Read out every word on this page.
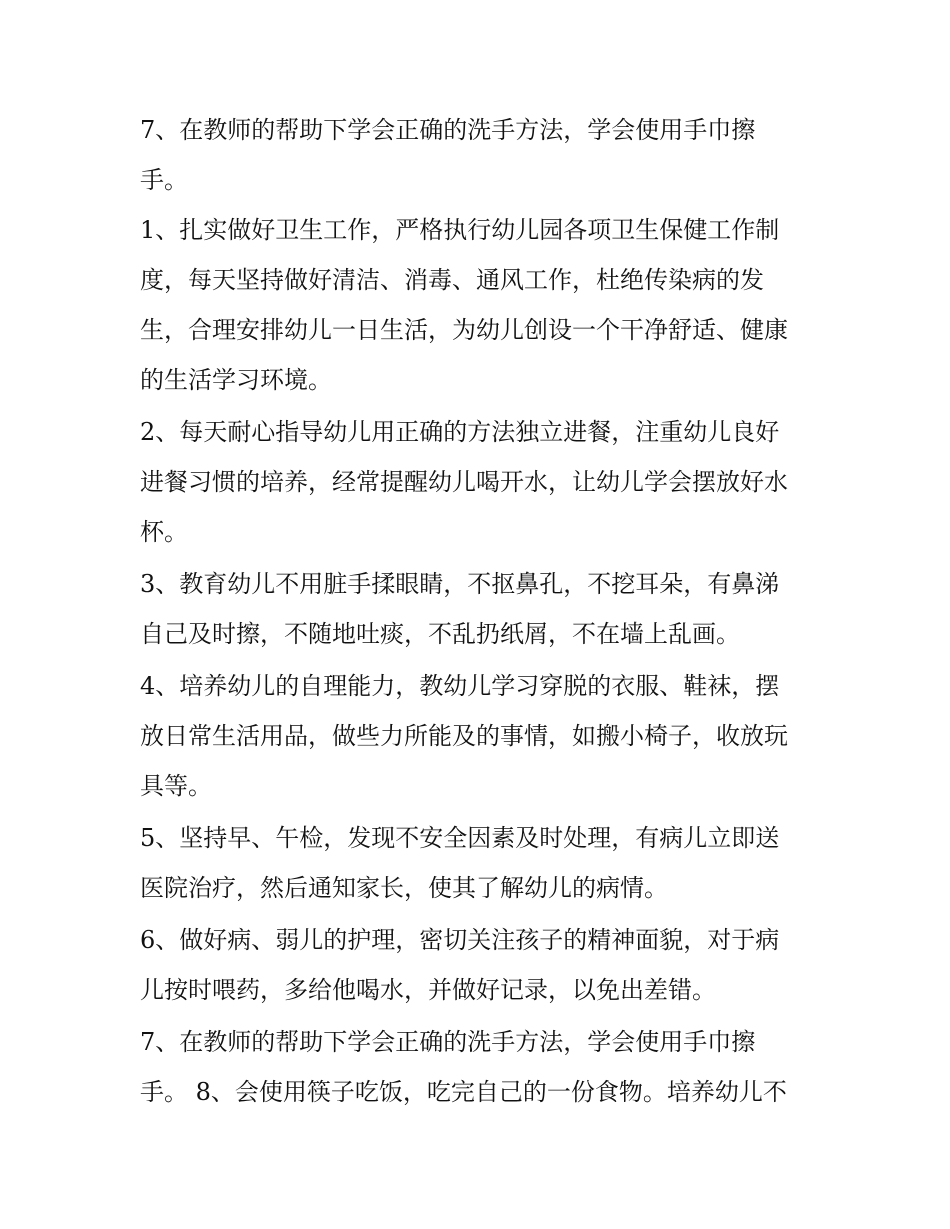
7、在教师的帮助下学会正确的洗手方法，学会使用手巾擦
手。
1、扎实做好卫生工作，严格执行幼儿园各项卫生保健工作制
度，每天坚持做好清洁、消毒、通风工作，杜绝传染病的发
生，合理安排幼儿一日生活，为幼儿创设一个干净舒适、健康
的生活学习环境。
2、每天耐心指导幼儿用正确的方法独立进餐，注重幼儿良好
进餐习惯的培养，经常提醒幼儿喝开水，让幼儿学会摆放好水
杯。
3、教育幼儿不用脏手揉眼睛，不抠鼻孔，不挖耳朵，有鼻涕
自己及时擦，不随地吐痰，不乱扔纸屑，不在墙上乱画。
4、培养幼儿的自理能力，教幼儿学习穿脱的衣服、鞋袜，摆
放日常生活用品，做些力所能及的事情，如搬小椅子，收放玩
具等。
5、坚持早、午检，发现不安全因素及时处理，有病儿立即送
医院治疗，然后通知家长，使其了解幼儿的病情。
6、做好病、弱儿的护理，密切关注孩子的精神面貌，对于病
儿按时喂药，多给他喝水，并做好记录，以免出差错。
7、在教师的帮助下学会正确的洗手方法，学会使用手巾擦
手。 8、会使用筷子吃饭，吃完自己的一份食物。培养幼儿不
